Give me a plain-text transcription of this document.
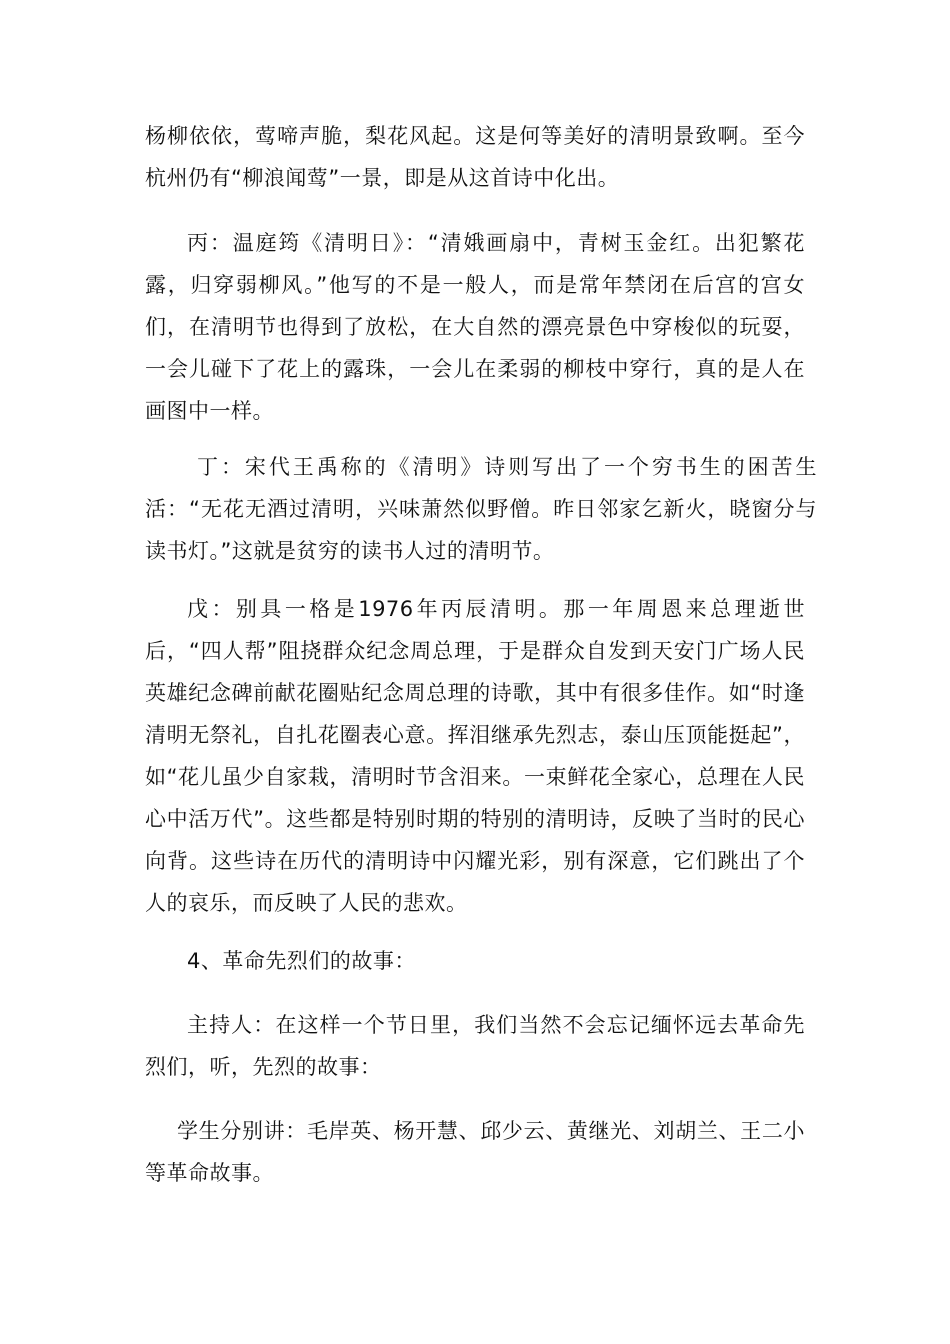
杨柳依依，莺啼声脆，梨花风起。这是何等美好的清明景致啊。至今杭州仍有“柳浪闻莺”一景，即是从这首诗中化出。

丙：温庭筠《清明日》：“清娥画扇中，青树玉金红。出犯繁花露，归穿弱柳风。”他写的不是一般人，而是常年禁闭在后宫的宫女们，在清明节也得到了放松，在大自然的漂亮景色中穿梭似的玩耍，一会儿碰下了花上的露珠，一会儿在柔弱的柳枝中穿行，真的是人在画图中一样。

丁：宋代王禹称的《清明》诗则写出了一个穷书生的困苦生活：“无花无酒过清明，兴味萧然似野僧。昨日邻家乞新火，晓窗分与读书灯。”这就是贫穷的读书人过的清明节。

戊：别具一格是1976年丙辰清明。那一年周恩来总理逝世后，“四人帮”阻挠群众纪念周总理，于是群众自发到天安门广场人民英雄纪念碑前献花圈贴纪念周总理的诗歌，其中有很多佳作。如“时逢清明无祭礼，自扎花圈表心意。挥泪继承先烈志，泰山压顶能挺起”，如“花儿虽少自家栽，清明时节含泪来。一束鲜花全家心，总理在人民心中活万代”。这些都是特别时期的特别的清明诗，反映了当时的民心向背。这些诗在历代的清明诗中闪耀光彩，别有深意，它们跳出了个人的哀乐，而反映了人民的悲欢。

4、革命先烈们的故事：

主持人：在这样一个节日里，我们当然不会忘记缅怀远去革命先烈们，听，先烈的故事：

学生分别讲：毛岸英、杨开慧、邱少云、黄继光、刘胡兰、王二小等革命故事。
